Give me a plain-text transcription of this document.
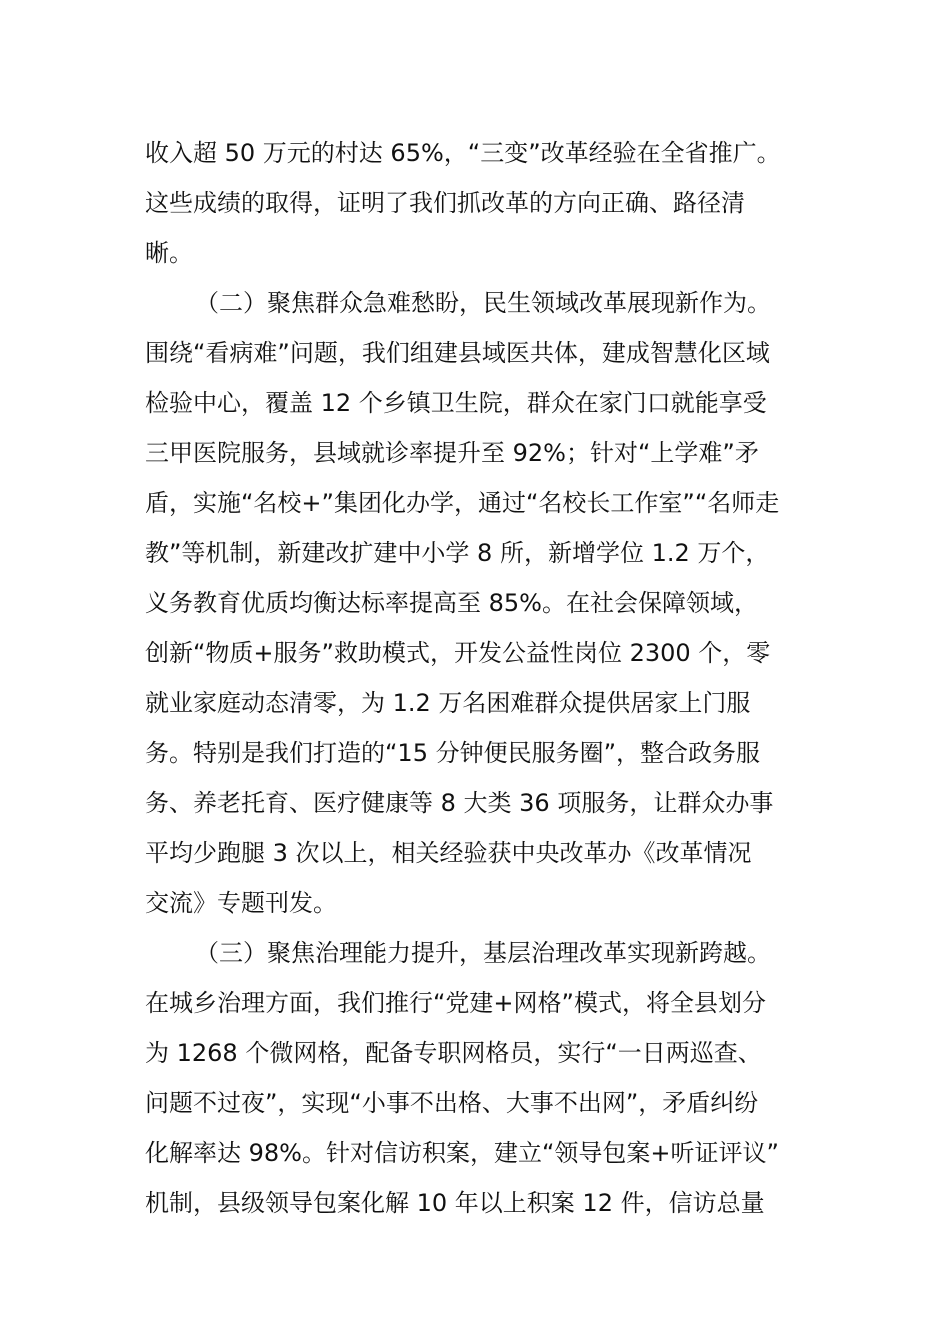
收入超 50 万元的村达 65%，“三变”改革经验在全省推广。
这些成绩的取得，证明了我们抓改革的方向正确、路径清
晰。
（二）聚焦群众急难愁盼，民生领域改革展现新作为。
围绕“看病难”问题，我们组建县域医共体，建成智慧化区域
检验中心，覆盖 12 个乡镇卫生院，群众在家门口就能享受
三甲医院服务，县域就诊率提升至 92%；针对“上学难”矛
盾，实施“名校+”集团化办学，通过“名校长工作室”“名师走
教”等机制，新建改扩建中小学 8 所，新增学位 1.2 万个，
义务教育优质均衡达标率提高至 85%。在社会保障领域，
创新“物质+服务”救助模式，开发公益性岗位 2300 个，零
就业家庭动态清零，为 1.2 万名困难群众提供居家上门服
务。特别是我们打造的“15 分钟便民服务圈”，整合政务服
务、养老托育、医疗健康等 8 大类 36 项服务，让群众办事
平均少跑腿 3 次以上，相关经验获中央改革办《改革情况
交流》专题刊发。
（三）聚焦治理能力提升，基层治理改革实现新跨越。
在城乡治理方面，我们推行“党建+网格”模式，将全县划分
为 1268 个微网格，配备专职网格员，实行“一日两巡查、
问题不过夜”，实现“小事不出格、大事不出网”，矛盾纠纷
化解率达 98%。针对信访积案，建立“领导包案+听证评议”
机制，县级领导包案化解 10 年以上积案 12 件，信访总量
